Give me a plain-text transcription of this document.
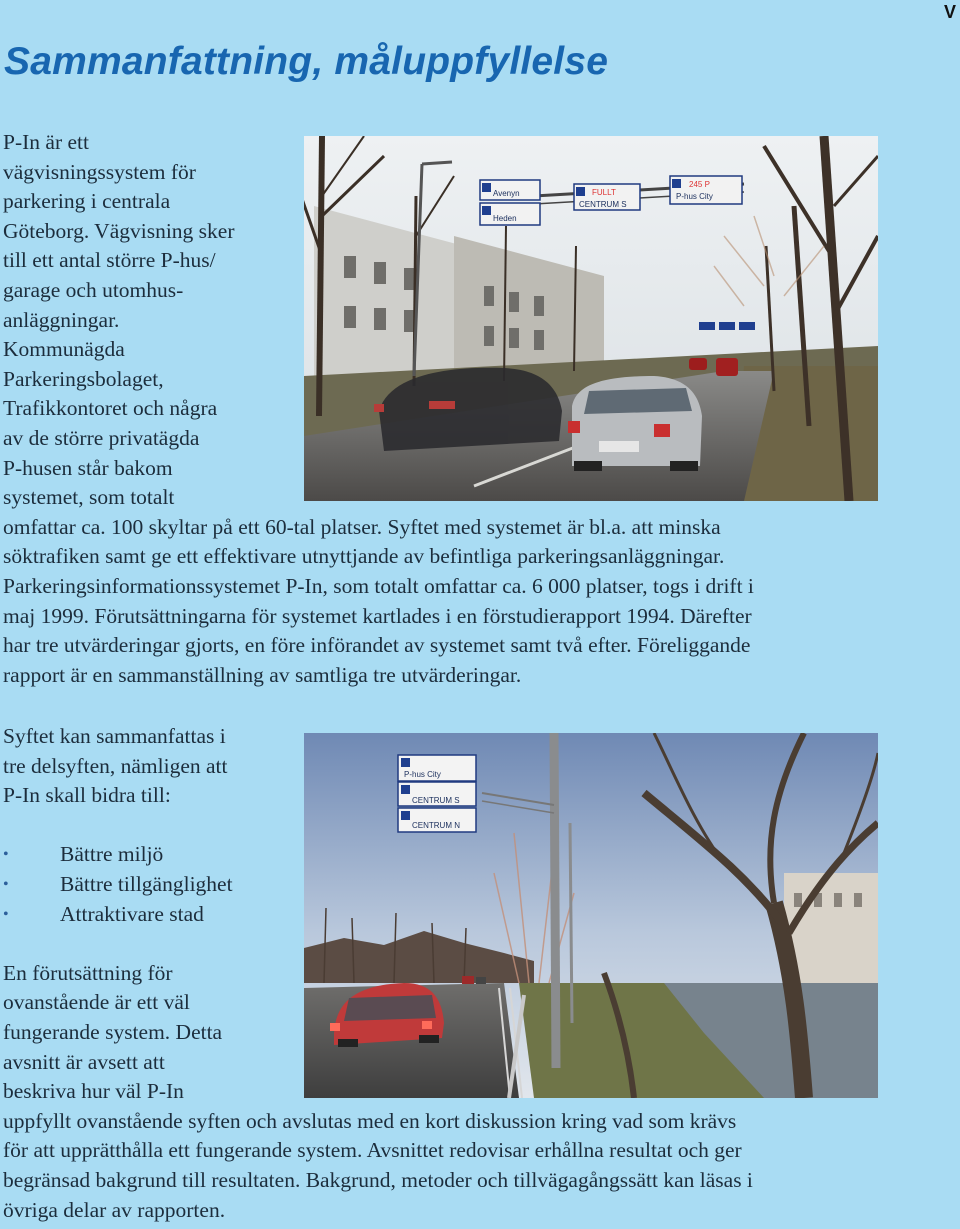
V
Sammanfattning, måluppfyllelse

P-In är ett

vägvisningssystem för

parkering i centrala

Göteborg. Vägvisning sker

till ett antal större P-hus/

garage och utomhus-

anläggningar.

Kommunägda

Parkeringsbolaget,

Trafikkontoret och några

av de större privatägda

P-husen står bakom

systemet, som totalt

omfattar ca. 100 skyltar på ett 60-tal platser. Syftet med systemet är bl.a. att minska

söktrafiken samt ge ett effektivare utnyttjande av befintliga parkeringsanläggningar.

Parkeringsinformationssystemet P-In, som totalt omfattar ca. 6 000 platser, togs i drift i

maj 1999. Förutsättningarna för systemet kartlades i en förstudierapport 1994. Därefter

har tre utvärderingar gjorts, en före införandet av systemet samt två efter. Föreliggande

rapport är en sammanställning av samtliga tre utvärderingar.

Syftet kan sammanfattas i

tre delsyften, nämligen att

P-In skall bidra till:

• Bättre miljö
• Bättre tillgänglighet
• Attraktivare stad

En förutsättning för

ovanstående är ett väl

fungerande system. Detta

avsnitt är avsett att

beskriva hur väl P-In

uppfyllt ovanstående syften och avslutas med en kort diskussion kring vad som krävs

för att upprätthålla ett fungerande system. Avsnittet redovisar erhållna resultat och ger

begränsad bakgrund till resultaten. Bakgrund, metoder och tillvägagångssätt kan läsas i

övriga delar av rapporten.

Avenyn
Heden
FULLT
CENTRUM S
245 P
P-hus City
P-hus City
CENTRUM S
CENTRUM N
